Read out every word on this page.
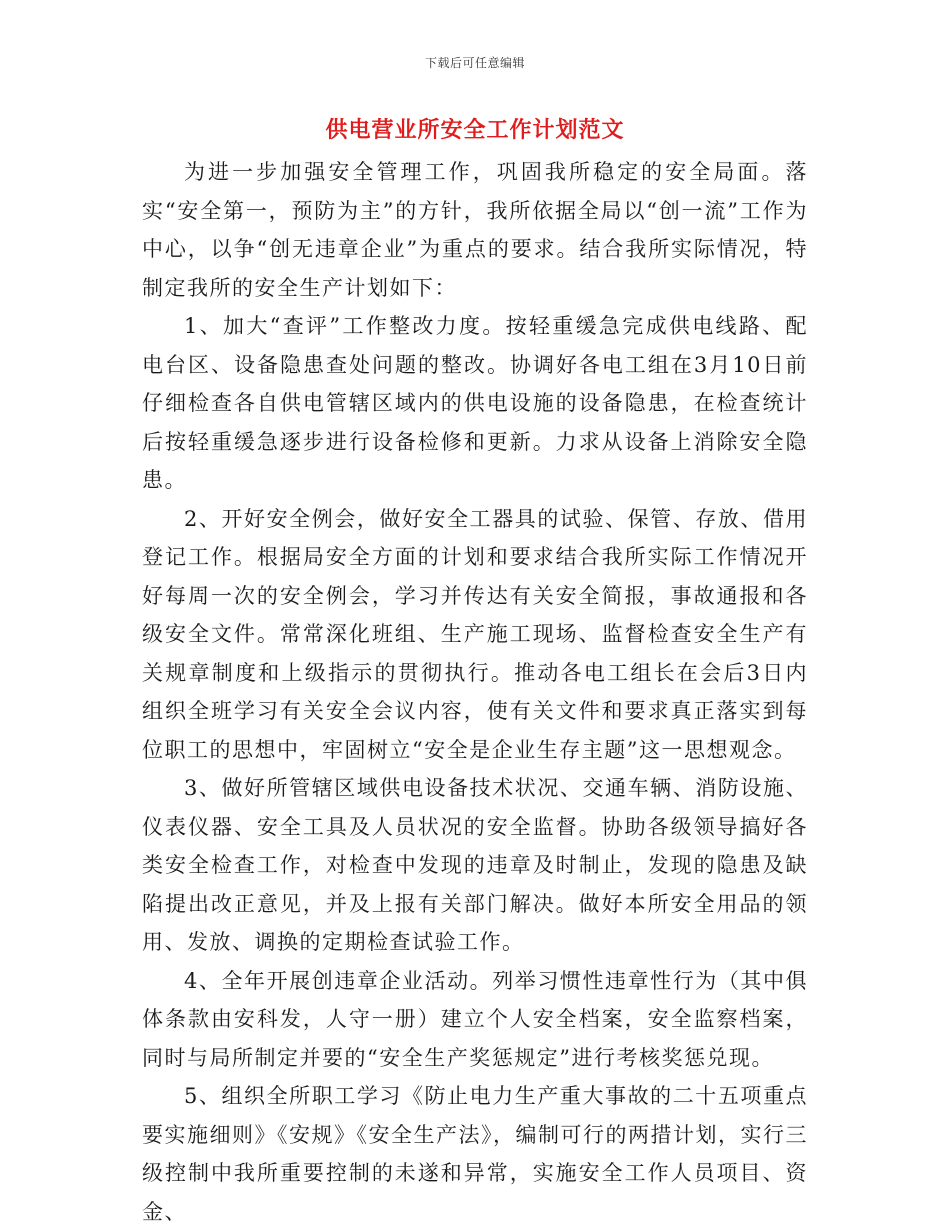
下载后可任意编辑
供电营业所安全工作计划范文

为进一步加强安全管理工作，巩固我所稳定的安全局面。落实“安全第一，预防为主”的方针，我所依据全局以“创一流”工作为中心，以争“创无违章企业”为重点的要求。结合我所实际情况，特制定我所的安全生产计划如下：

1、加大“查评”工作整改力度。按轻重缓急完成供电线路、配电台区、设备隐患查处问题的整改。协调好各电工组在3月10日前仔细检查各自供电管辖区域内的供电设施的设备隐患，在检查统计后按轻重缓急逐步进行设备检修和更新。力求从设备上消除安全隐患。

2、开好安全例会，做好安全工器具的试验、保管、存放、借用登记工作。根据局安全方面的计划和要求结合我所实际工作情况开好每周一次的安全例会，学习并传达有关安全简报，事故通报和各级安全文件。常常深化班组、生产施工现场、监督检查安全生产有关规章制度和上级指示的贯彻执行。推动各电工组长在会后3日内组织全班学习有关安全会议内容，使有关文件和要求真正落实到每位职工的思想中，牢固树立“安全是企业生存主题”这一思想观念。

3、做好所管辖区域供电设备技术状况、交通车辆、消防设施、仪表仪器、安全工具及人员状况的安全监督。协助各级领导搞好各类安全检查工作，对检查中发现的违章及时制止，发现的隐患及缺陷提出改正意见，并及上报有关部门解决。做好本所安全用品的领用、发放、调换的定期检查试验工作。

4、全年开展创违章企业活动。列举习惯性违章性行为（其中俱体条款由安科发，人守一册）建立个人安全档案，安全监察档案，同时与局所制定并要的“安全生产奖惩规定”进行考核奖惩兑现。

5、组织全所职工学习《防止电力生产重大事故的二十五项重点要实施细则》《安规》《安全生产法》，编制可行的两措计划，实行三级控制中我所重要控制的未遂和异常，实施安全工作人员项目、资金、
